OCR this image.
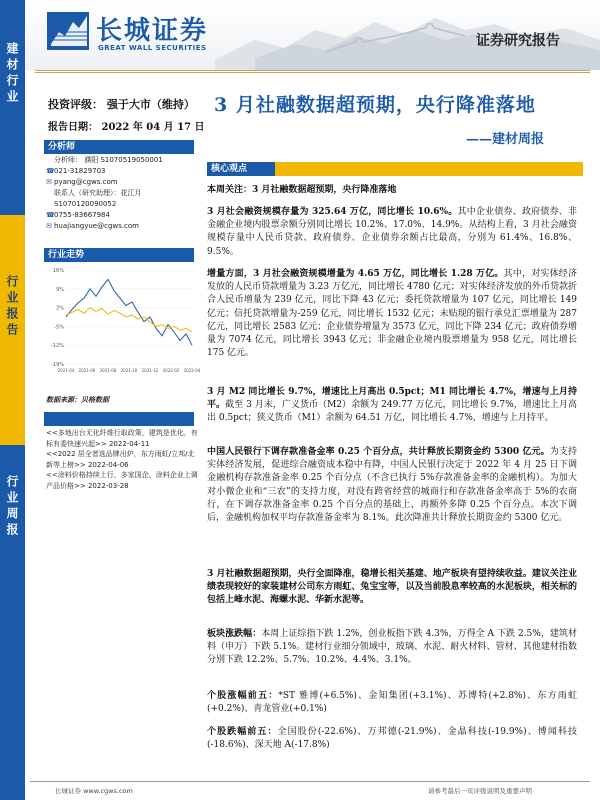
建材行业
行业报告
行业周报
长城证券
GREAT WALL SECURITIES	证券研究报告
投资评级： 强于大市（维持）
报告日期： 2022 年 04 月 17 日
3 月社融数据超预期，央行降准落地
——建材周报
分析师
分析师： 濮阳 S1070519050001
☎021-31829703
✉ pyang@cgws.com
联系人（研究助理）：花江月
S1070120090052
☎0755-83667984
✉ huajiangyue@cgws.com
行业走势
16%
9%
2%
-5%
-12%
-19%
2021-04 2021-06 2021-08 2021-10 2021-12 2022-02 2022-04
数据来源：贝格数据
<<多地出台无化纤维行取政策，建筑是优化，有标有委快速兴起>> 2022-04-11
<<2022 居全者选品牌出炉，东方雨虹/立邦/北新等上榜>> 2022-04-06
<<涂料价格持续上行，多家国企、涂料企业上调产品价格>> 2022-03-28
核心观点
本周关注：3 月社融数据超预期，央行降准落地
3 月社会融资规模存量为 325.64 万亿，同比增长 10.6%。其中企业债券、政府债券、非金融企业境内股票余额分别同比增长 10.2%、17.0%、14.9%。从结构上看，3 月社会融资规模存量中人民币贷款、政府债券、企业债券余额占比最高，分别为 61.4%、16.8%、9.5%。
增量方面，3 月社会融资规模增量为 4.65 万亿，同比增长 1.28 万亿。其中，对实体经济发放的人民币贷款增量为 3.23 万亿元，同比增长 4780 亿元；对实体经济发放的外币贷款折合人民币增量为 239 亿元，同比下降 43 亿元；委托贷款增量为 107 亿元，同比增长 149 亿元；信托贷款增量为-259 亿元，同比增长 1532 亿元；未贴现的银行承兑汇票增量为 287 亿元，同比增长 2583 亿元；企业债券增量为 3573 亿元，同比下降 234 亿元；政府债券增量为 7074 亿元，同比增长 3943 亿元；非金融企业境内股票增量为 958 亿元，同比增长 175 亿元。
3 月 M2 同比增长 9.7%，增速比上月高出 0.5pct；M1 同比增长 4.7%，增速与上月持平。截至 3 月末，广义货币（M2）余额为 249.77 万亿元，同比增长 9.7%，增速比上月高出 0.5pct；狭义货币（M1）余额为 64.51 万亿，同比增长 4.7%，增速与上月持平。
中国人民银行下调存款准备金率 0.25 个百分点，共计释放长期资金约 5300 亿元。为支持实体经济发展，促进综合融资成本稳中有降，中国人民银行决定于 2022 年 4 月 25 日下调金融机构存款准备金率 0.25 个百分点（不含已执行 5%存款准备金率的金融机构）。为加大对小微企业和“三农”的支持力度，对没有跨省经营的城商行和存款准备金率高于 5%的农商行，在下调存款准备金率 0.25 个百分点的基础上，再额外多降 0.25 个百分点。本次下调后，金融机构加权平均存款准备金率为 8.1%。此次降准共计释放长期资金约 5300 亿元。
3 月社融数据超预期，央行全面降准，稳增长相关基建、地产板块有望持续收益。建议关注业绩表现较好的家装建材公司东方雨虹、兔宝宝等，以及当前股息率较高的水泥板块，相关标的包括上峰水泥、海螺水泥、华新水泥等。
板块涨跌幅：本周上证综指下跌 1.2%，创业板指下跌 4.3%，万得全 A 下跌 2.5%，建筑材料（申万）下跌 5.1%。建材行业细分领域中，玻璃、水泥、耐火材料、管材、其他建材指数分别下跌 12.2%、5.7%、10.2%、4.4%、3.1%。
个股涨幅前五：*ST 雅博(+6.5%)、金知集团(+3.1%)、苏博特(+2.8%)、东方雨虹(+0.2%)、青龙管业(+0.1%)
个股跌幅前五：全国股份(-22.6%)、万邦德(-21.9%)、金晶科技(-19.9%)、博闻科技(-18.6%)、深天地 A(-17.8%)
长城证券 www.cgws.com	请参考最后一页评级说明及重要声明
